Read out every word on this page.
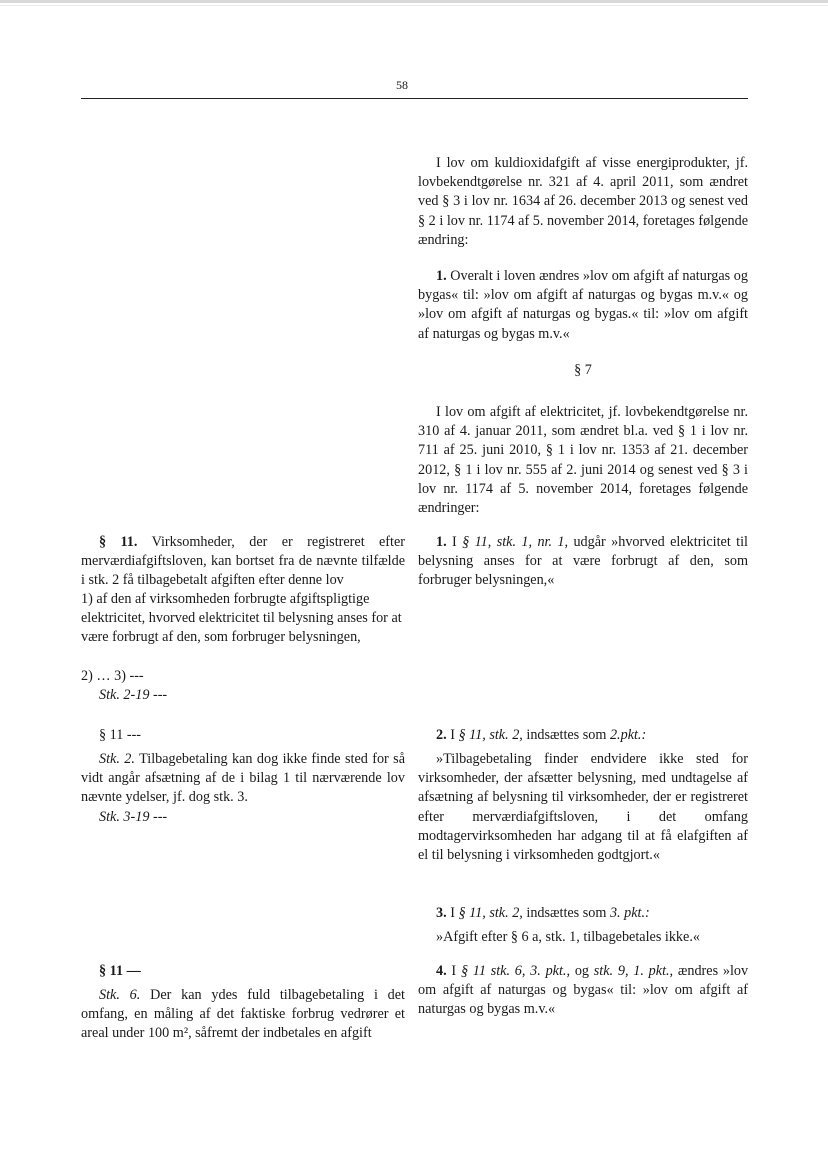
58
I lov om kuldioxidafgift af visse energiprodukter, jf. lovbekendtgørelse nr. 321 af 4. april 2011, som ændret ved § 3 i lov nr. 1634 af 26. december 2013 og senest ved § 2 i lov nr. 1174 af 5. november 2014, foretages følgende ændring:
1. Overalt i loven ændres »lov om afgift af naturgas og bygas« til: »lov om afgift af naturgas og bygas m.v.« og »lov om afgift af naturgas og bygas.« til: »lov om afgift af naturgas og bygas m.v.«
§ 7
I lov om afgift af elektricitet, jf. lovbekendtgørelse nr. 310 af 4. januar 2011, som ændret bl.a. ved § 1 i lov nr. 711 af 25. juni 2010, § 1 i lov nr. 1353 af 21. december 2012, § 1 i lov nr. 555 af 2. juni 2014 og senest ved § 3 i lov nr. 1174 af 5. november 2014, foretages følgende ændringer:
1. I § 11, stk. 1, nr. 1, udgår »hvorved elektricitet til belysning anses for at være forbrugt af den, som forbruger belysningen,«
2. I § 11, stk. 2, indsættes som 2.pkt.:
»Tilbagebetaling finder endvidere ikke sted for virksomheder, der afsætter belysning, med undtagelse af afsætning af belysning til virksomheder, der er registreret efter merværdiafgiftsloven, i det omfang modtagervirksomheden har adgang til at få elafgiften af el til belysning i virksomheden godtgjort.«
3. I § 11, stk. 2, indsættes som 3. pkt.:
»Afgift efter § 6 a, stk. 1, tilbagebetales ikke.«
4. I § 11 stk. 6, 3. pkt., og stk. 9, 1. pkt., ændres »lov om afgift af naturgas og bygas« til: »lov om afgift af naturgas og bygas m.v.«
§ 11. Virksomheder, der er registreret efter merværdiafgiftsloven, kan bortset fra de nævnte tilfælde i stk. 2 få tilbagebetalt afgiften efter denne lov
1) af den af virksomheden forbrugte afgiftspligtige elektricitet, hvorved elektricitet til belysning anses for at være forbrugt af den, som forbruger belysningen,
2) … 3) ---
Stk. 2-19 ---
§ 11 ---
Stk. 2. Tilbagebetaling kan dog ikke finde sted for så vidt angår afsætning af de i bilag 1 til nærværende lov nævnte ydelser, jf. dog stk. 3.
Stk. 3-19 ---
§ 11 —
Stk. 6. Der kan ydes fuld tilbagebetaling i det omfang, en måling af det faktiske forbrug vedrører et areal under 100 m², såfremt der indbetales en afgift
